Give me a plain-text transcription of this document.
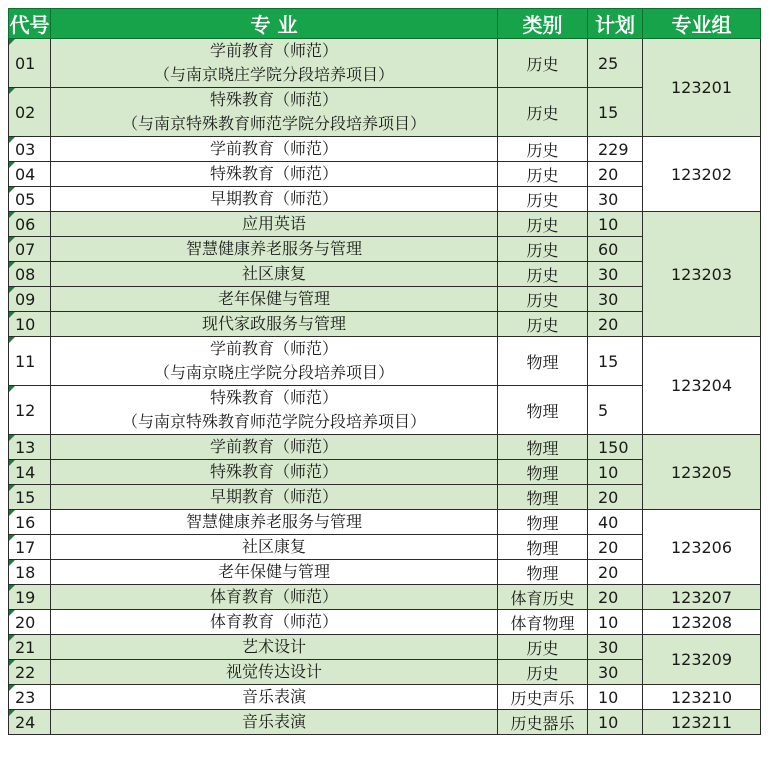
代号	专 业	类别	计划	专业组
01	学前教育（师范）
（与南京晓庄学院分段培养项目）	历史	25	123201
02	特殊教育（师范）
（与南京特殊教育师范学院分段培养项目）	历史	15	
03	学前教育（师范）	历史	229	123202
04	特殊教育（师范）	历史	20	
05	早期教育（师范）	历史	30	
06	应用英语	历史	10	123203
07	智慧健康养老服务与管理	历史	60	
08	社区康复	历史	30	
09	老年保健与管理	历史	30	
10	现代家政服务与管理	历史	20	
11	学前教育（师范）
（与南京晓庄学院分段培养项目）	物理	15	123204
12	特殊教育（师范）
（与南京特殊教育师范学院分段培养项目）	物理	5	
13	学前教育（师范）	物理	150	123205
14	特殊教育（师范）	物理	10	
15	早期教育（师范）	物理	20	
16	智慧健康养老服务与管理	物理	40	123206
17	社区康复	物理	20	
18	老年保健与管理	物理	20	
19	体育教育（师范）	体育历史	20	123207
20	体育教育（师范）	体育物理	10	123208
21	艺术设计	历史	30	123209
22	视觉传达设计	历史	30	
23	音乐表演	历史声乐	10	123210
24	音乐表演	历史器乐	10	123211
